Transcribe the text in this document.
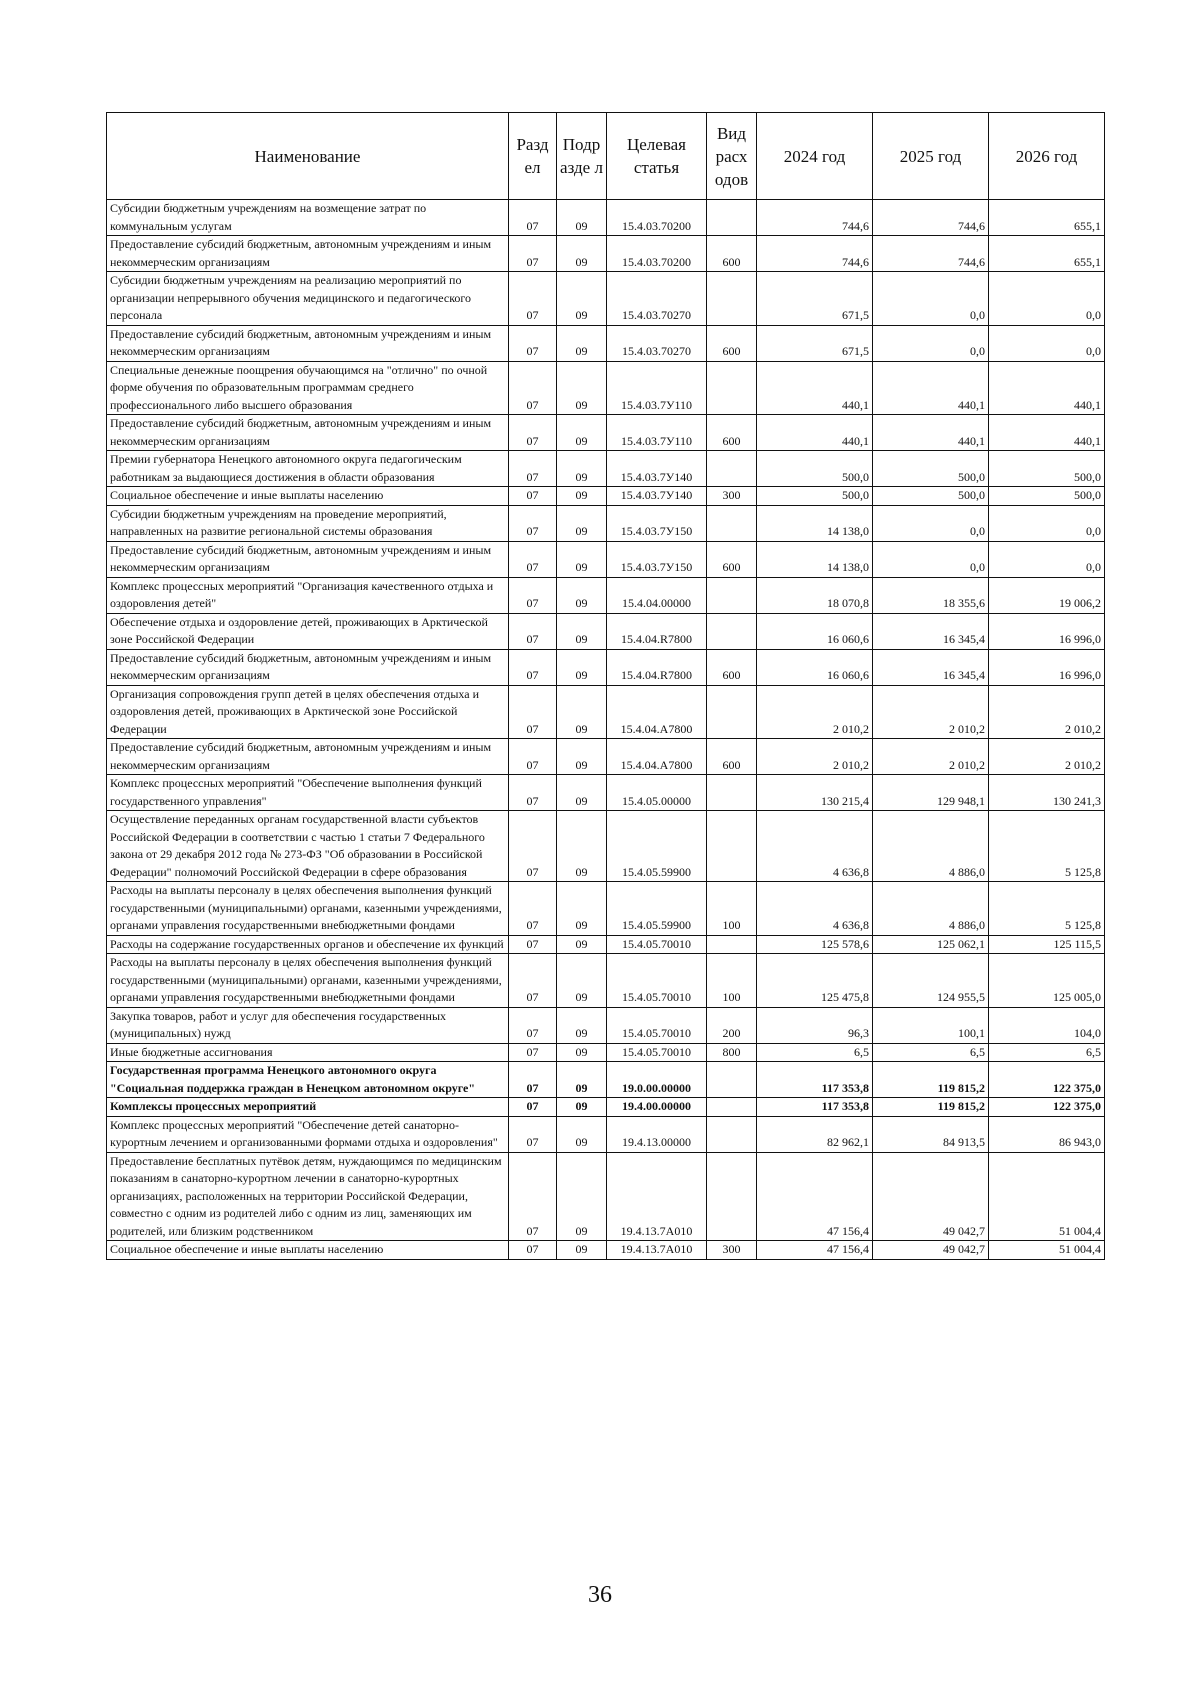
Наименование	Разд ел	Подр азде л	Целевая статья	Вид расх одов	2024 год	2025 год	2026 год
Субсидии бюджетным учреждениям на возмещение затрат по коммунальным услугам	07	09	15.4.03.70200		744,6	744,6	655,1
Предоставление субсидий бюджетным, автономным учреждениям и иным некоммерческим организациям	07	09	15.4.03.70200	600	744,6	744,6	655,1
Субсидии бюджетным учреждениям на реализацию мероприятий по организации непрерывного обучения медицинского и педагогического персонала	07	09	15.4.03.70270		671,5	0,0	0,0
Предоставление субсидий бюджетным, автономным учреждениям и иным некоммерческим организациям	07	09	15.4.03.70270	600	671,5	0,0	0,0
Специальные денежные поощрения обучающимся на "отлично" по очной форме обучения по образовательным программам среднего профессионального либо высшего образования	07	09	15.4.03.7У110		440,1	440,1	440,1
Предоставление субсидий бюджетным, автономным учреждениям и иным некоммерческим организациям	07	09	15.4.03.7У110	600	440,1	440,1	440,1
Премии губернатора Ненецкого автономного округа педагогическим работникам за выдающиеся достижения в области образования	07	09	15.4.03.7У140		500,0	500,0	500,0
Социальное обеспечение и иные выплаты населению	07	09	15.4.03.7У140	300	500,0	500,0	500,0
Субсидии бюджетным учреждениям на проведение мероприятий, направленных на развитие региональной системы образования	07	09	15.4.03.7У150		14 138,0	0,0	0,0
Предоставление субсидий бюджетным, автономным учреждениям и иным некоммерческим организациям	07	09	15.4.03.7У150	600	14 138,0	0,0	0,0
Комплекс процессных мероприятий "Организация качественного отдыха и оздоровления детей"	07	09	15.4.04.00000		18 070,8	18 355,6	19 006,2
Обеспечение отдыха и оздоровление детей, проживающих в Арктической зоне Российской Федерации	07	09	15.4.04.R7800		16 060,6	16 345,4	16 996,0
Предоставление субсидий бюджетным, автономным учреждениям и иным некоммерческим организациям	07	09	15.4.04.R7800	600	16 060,6	16 345,4	16 996,0
Организация сопровождения групп детей в целях обеспечения отдыха и оздоровления детей, проживающих в Арктической зоне Российской Федерации	07	09	15.4.04.A7800		2 010,2	2 010,2	2 010,2
Предоставление субсидий бюджетным, автономным учреждениям и иным некоммерческим организациям	07	09	15.4.04.A7800	600	2 010,2	2 010,2	2 010,2
Комплекс процессных мероприятий "Обеспечение выполнения функций государственного управления"	07	09	15.4.05.00000		130 215,4	129 948,1	130 241,3
Осуществление переданных органам государственной власти субъектов Российской Федерации в соответствии с частью 1 статьи 7 Федерального закона от 29 декабря 2012 года № 273-ФЗ "Об образовании в Российской Федерации" полномочий Российской Федерации в сфере образования	07	09	15.4.05.59900		4 636,8	4 886,0	5 125,8
Расходы на выплаты персоналу в целях обеспечения выполнения функций государственными (муниципальными) органами, казенными учреждениями, органами управления государственными внебюджетными фондами	07	09	15.4.05.59900	100	4 636,8	4 886,0	5 125,8
Расходы на содержание государственных органов и обеспечение их функций	07	09	15.4.05.70010		125 578,6	125 062,1	125 115,5
Расходы на выплаты персоналу в целях обеспечения выполнения функций государственными (муниципальными) органами, казенными учреждениями, органами управления государственными внебюджетными фондами	07	09	15.4.05.70010	100	125 475,8	124 955,5	125 005,0
Закупка товаров, работ и услуг для обеспечения государственных (муниципальных) нужд	07	09	15.4.05.70010	200	96,3	100,1	104,0
Иные бюджетные ассигнования	07	09	15.4.05.70010	800	6,5	6,5	6,5
Государственная программа Ненецкого автономного округа "Социальная поддержка граждан в Ненецком автономном округе"	07	09	19.0.00.00000		117 353,8	119 815,2	122 375,0
Комплексы процессных мероприятий	07	09	19.4.00.00000		117 353,8	119 815,2	122 375,0
Комплекс процессных мероприятий "Обеспечение детей санаторно-курортным лечением и организованными формами отдыха и оздоровления"	07	09	19.4.13.00000		82 962,1	84 913,5	86 943,0
Предоставление бесплатных путёвок детям, нуждающимся по медицинским показаниям в санаторно-курортном лечении в санаторно-курортных организациях, расположенных на территории Российской Федерации, совместно с одним из родителей либо с одним из лиц, заменяющих им родителей, или близким родственником	07	09	19.4.13.7A010		47 156,4	49 042,7	51 004,4
Социальное обеспечение и иные выплаты населению	07	09	19.4.13.7A010	300	47 156,4	49 042,7	51 004,4
36
